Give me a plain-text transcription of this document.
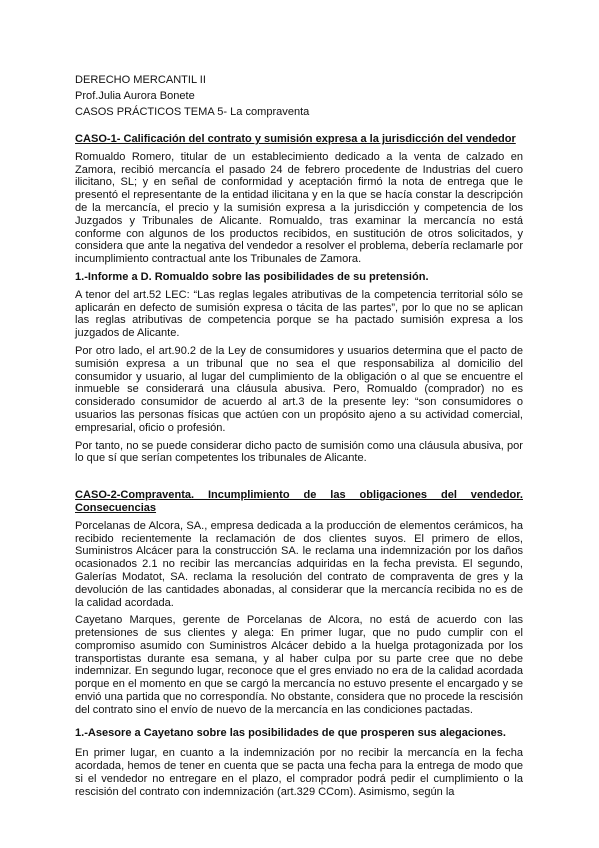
DERECHO MERCANTIL II

Prof.Julia Aurora Bonete

CASOS PRÁCTICOS TEMA 5- La compraventa

CASO-1- Calificación del contrato y sumisión expresa a la jurisdicción del vendedor

Romualdo Romero, titular de un establecimiento dedicado a la venta de calzado en Zamora, recibió mercancía el pasado 24 de febrero procedente de Industrias del cuero ilicitano, SL; y en señal de conformidad y aceptación firmó la nota de entrega que le presentó el representante de la entidad ilicitana y en la que se hacía constar la descripción de la mercancía, el precio y la sumisión expresa a la jurisdicción y competencia de los Juzgados y Tribunales de Alicante. Romualdo, tras examinar la mercancía no está conforme con algunos de los productos recibidos, en sustitución de otros solicitados, y considera que ante la negativa del vendedor a resolver el problema, debería reclamarle por incumplimiento contractual ante los Tribunales de Zamora.

1.-Informe a D. Romualdo sobre las posibilidades de su pretensión.

A tenor del art.52 LEC: “Las reglas legales atributivas de la competencia territorial sólo se aplicarán en defecto de sumisión expresa o tácita de las partes”, por lo que no se aplican las reglas atributivas de competencia porque se ha pactado sumisión expresa a los juzgados de Alicante.

Por otro lado, el art.90.2 de la Ley de consumidores y usuarios determina que el pacto de sumisión expresa a un tribunal que no sea el que responsabiliza al domicilio del consumidor y usuario, al lugar del cumplimiento de la obligación o al que se encuentre el inmueble se considerará una cláusula abusiva. Pero, Romualdo (comprador) no es considerado consumidor de acuerdo al art.3 de la presente ley: “son consumidores o usuarios las personas físicas que actúen con un propósito ajeno a su actividad comercial, empresarial, oficio o profesión.

Por tanto, no se puede considerar dicho pacto de sumisión como una cláusula abusiva, por lo que sí que serían competentes los tribunales de Alicante.

CASO-2-Compraventa. Incumplimiento de las obligaciones del vendedor. Consecuencias

Porcelanas de Alcora, SA., empresa dedicada a la producción de elementos cerámicos, ha recibido recientemente la reclamación de dos clientes suyos. El primero de ellos, Suministros Alcácer para la construcción SA. le reclama una indemnización por los daños ocasionados 2.1 no recibir las mercancías adquiridas en la fecha prevista. El segundo, Galerías Modatot, SA. reclama la resolución del contrato de compraventa de gres y la devolución de las cantidades abonadas, al considerar que la mercancía recibida no es de la calidad acordada.

Cayetano Marques, gerente de Porcelanas de Alcora, no está de acuerdo con las pretensiones de sus clientes y alega: En primer lugar, que no pudo cumplir con el compromiso asumido con Suministros Alcácer debido a la huelga protagonizada por los transportistas durante esa semana, y al haber culpa por su parte cree que no debe indemnizar. En segundo lugar, reconoce que el gres enviado no era de la calidad acordada porque en el momento en que se cargó la mercancía no estuvo presente el encargado y se envió una partida que no correspondía. No obstante, considera que no procede la rescisión del contrato sino el envío de nuevo de la mercancía en las condiciones pactadas.

1.-Asesore a Cayetano sobre las posibilidades de que prosperen sus alegaciones.

En primer lugar, en cuanto a la indemnización por no recibir la mercancía en la fecha acordada, hemos de tener en cuenta que se pacta una fecha para la entrega de modo que si el vendedor no entregare en el plazo, el comprador podrá pedir el cumplimiento o la rescisión del contrato con indemnización (art.329 CCom). Asimismo, según la
